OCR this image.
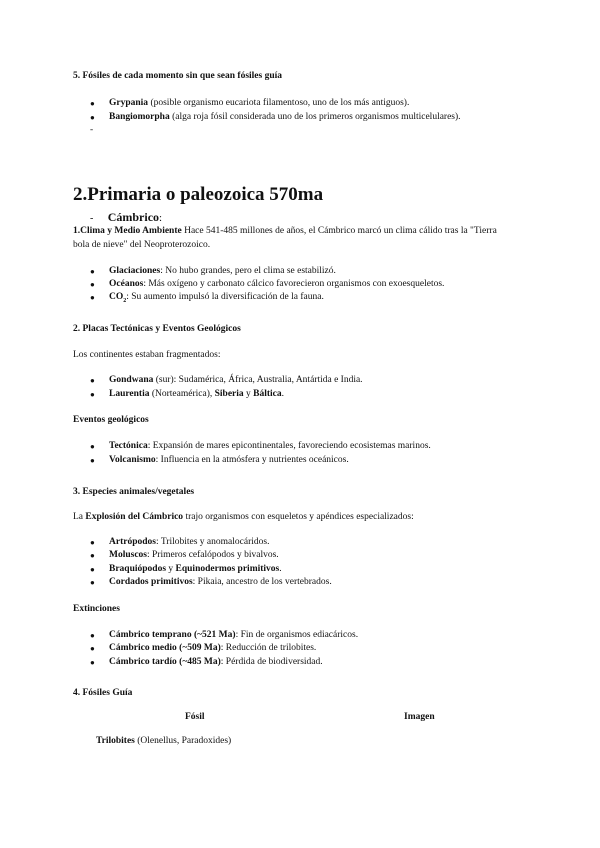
5. Fósiles de cada momento sin que sean fósiles guía
● Grypania (posible organismo eucariota filamentoso, uno de los más antiguos).
● Bangiomorpha (alga roja fósil considerada uno de los primeros organismos multicelulares).
-
2.Primaria o paleozoica 570ma
- Cámbrico:
1.Clima y Medio Ambiente Hace 541-485 millones de años, el Cámbrico marcó un clima cálido tras la "Tierra
bola de nieve" del Neoproterozoico.
● Glaciaciones: No hubo grandes, pero el clima se estabilizó.
● Océanos: Más oxígeno y carbonato cálcico favorecieron organismos con exoesqueletos.
● $CO_2$: Su aumento impulsó la diversificación de la fauna.
2. Placas Tectónicas y Eventos Geológicos
Los continentes estaban fragmentados:
● Gondwana (sur): Sudamérica, África, Australia, Antártida e India.
● Laurentia (Norteamérica), Siberia y Báltica.
Eventos geológicos
● Tectónica: Expansión de mares epicontinentales, favoreciendo ecosistemas marinos.
● Volcanismo: Influencia en la atmósfera y nutrientes oceánicos.
3. Especies animales/vegetales
La Explosión del Cámbrico trajo organismos con esqueletos y apéndices especializados:
● Artrópodos: Trilobites y anomalocáridos.
● Moluscos: Primeros cefalópodos y bivalvos.
● Braquiópodos y Equinodermos primitivos.
● Cordados primitivos: Pikaia, ancestro de los vertebrados.
Extinciones
● Cámbrico temprano (~521 Ma): Fin de organismos ediacáricos.
● Cámbrico medio (~509 Ma): Reducción de trilobites.
● Cámbrico tardío (~485 Ma): Pérdida de biodiversidad.
4. Fósiles Guía
Fósil	Imagen
Trilobites (Olenellus, Paradoxides)
